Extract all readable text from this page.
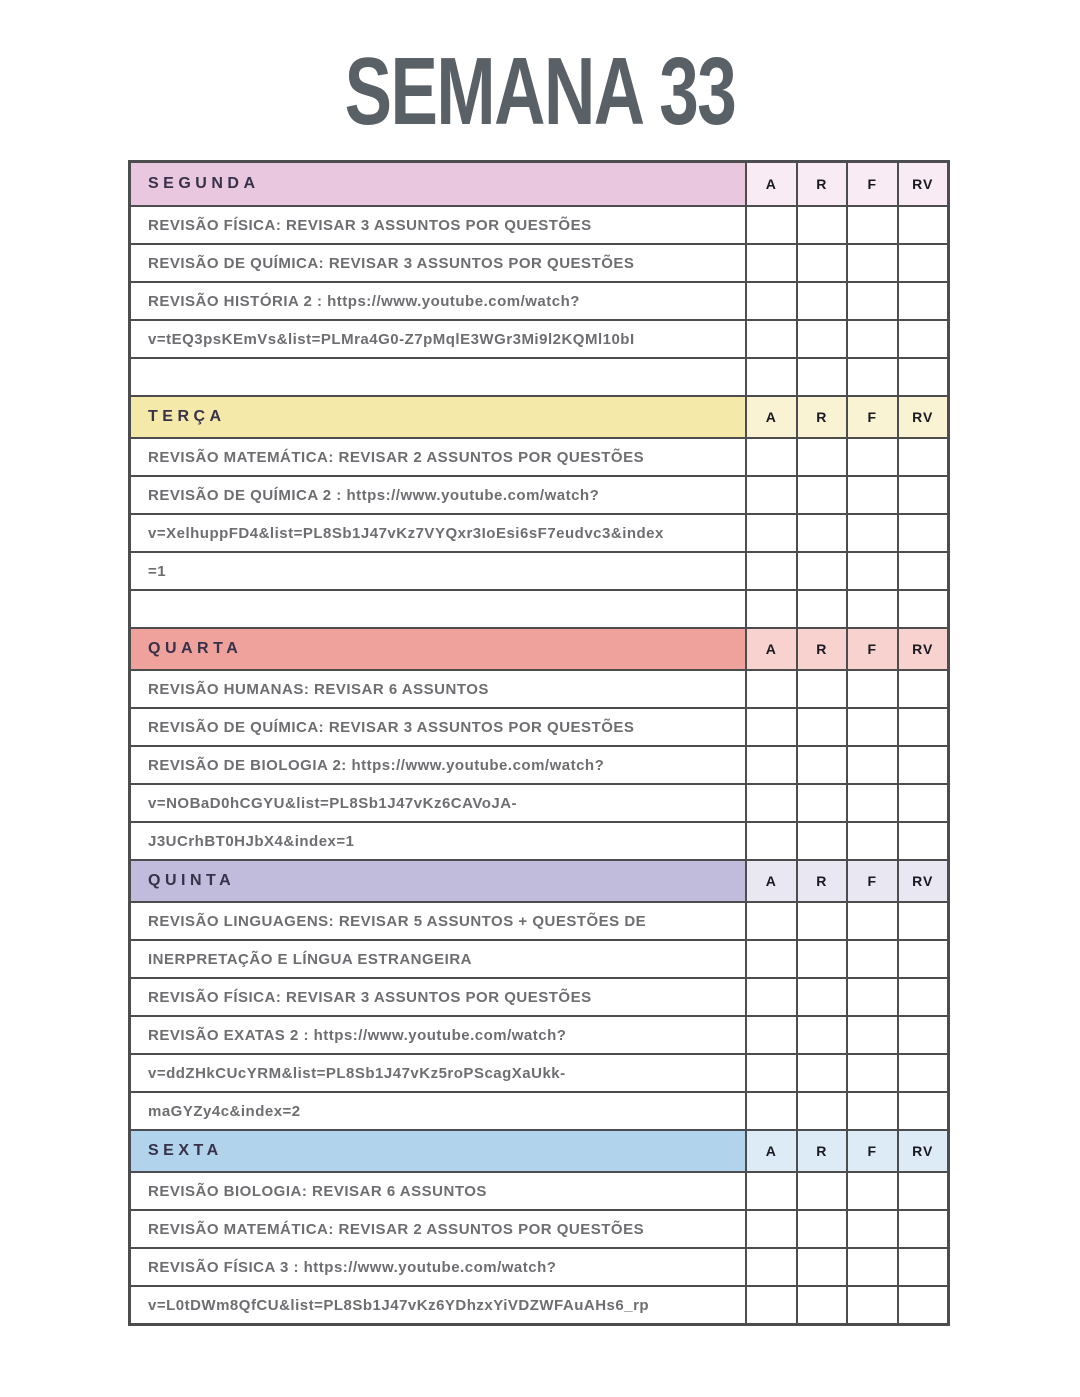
SEMANA 33
SEGUNDA	A	R	F	RV
REVISÃO FÍSICA: REVISAR 3 ASSUNTOS POR QUESTÕES
REVISÃO DE QUÍMICA: REVISAR 3 ASSUNTOS POR QUESTÕES
REVISÃO HISTÓRIA 2 : https://www.youtube.com/watch?
v=tEQ3psKEmVs&list=PLMra4G0-Z7pMqlE3WGr3Mi9l2KQMl10bI
TERÇA	A	R	F	RV
REVISÃO MATEMÁTICA: REVISAR 2 ASSUNTOS POR QUESTÕES
REVISÃO DE QUÍMICA 2 : https://www.youtube.com/watch?
v=XelhuppFD4&list=PL8Sb1J47vKz7VYQxr3IoEsi6sF7eudvc3&index
=1
QUARTA	A	R	F	RV
REVISÃO HUMANAS: REVISAR 6 ASSUNTOS
REVISÃO DE QUÍMICA: REVISAR 3 ASSUNTOS POR QUESTÕES
REVISÃO DE BIOLOGIA 2: https://www.youtube.com/watch?
v=NOBaD0hCGYU&list=PL8Sb1J47vKz6CAVoJA-
J3UCrhBT0HJbX4&index=1
QUINTA	A	R	F	RV
REVISÃO LINGUAGENS: REVISAR 5 ASSUNTOS + QUESTÕES DE
INERPRETAÇÃO E LÍNGUA ESTRANGEIRA
REVISÃO FÍSICA: REVISAR 3 ASSUNTOS POR QUESTÕES
REVISÃO EXATAS 2 : https://www.youtube.com/watch?
v=ddZHkCUcYRM&list=PL8Sb1J47vKz5roPScagXaUkk-
maGYZy4c&index=2
SEXTA	A	R	F	RV
REVISÃO BIOLOGIA: REVISAR 6 ASSUNTOS
REVISÃO MATEMÁTICA: REVISAR 2 ASSUNTOS POR QUESTÕES
REVISÃO FÍSICA 3 : https://www.youtube.com/watch?
v=L0tDWm8QfCU&list=PL8Sb1J47vKz6YDhzxYiVDZWFAuAHs6_rp
